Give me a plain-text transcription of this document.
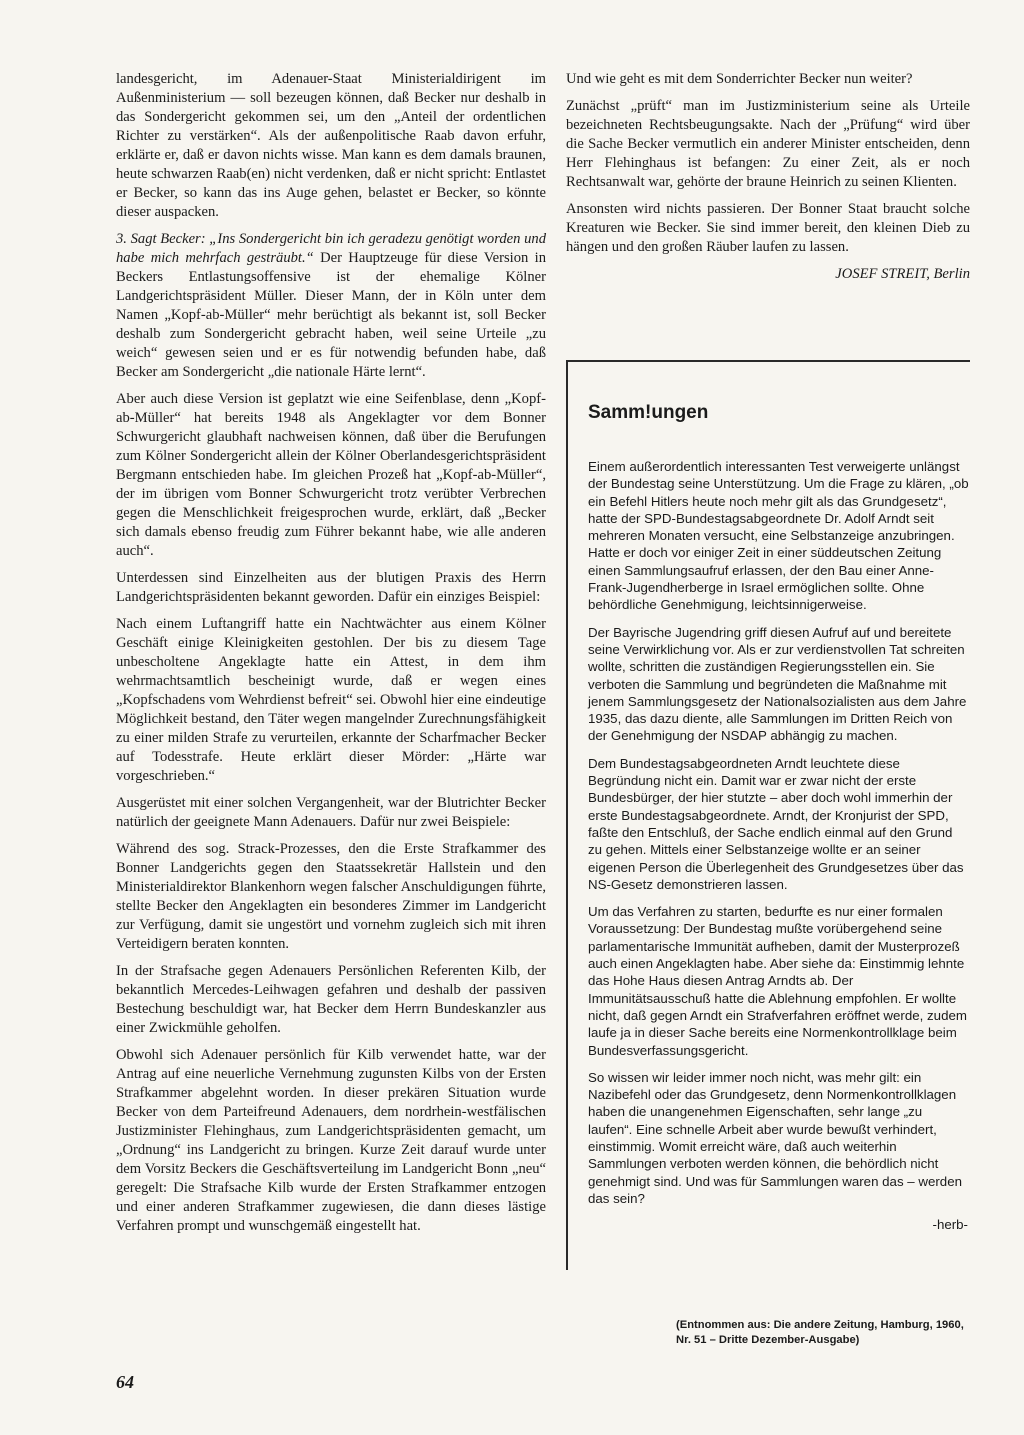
landesgericht, im Adenauer-Staat Ministerialdirigent im Außenministerium — soll bezeugen können, daß Becker nur deshalb in das Sondergericht gekommen sei, um den „Anteil der ordentlichen Richter zu verstärken“. Als der außenpolitische Raab davon erfuhr, erklärte er, daß er davon nichts wisse. Man kann es dem damals braunen, heute schwarzen Raab(en) nicht verdenken, daß er nicht spricht: Entlastet er Becker, so kann das ins Auge gehen, belastet er Becker, so könnte dieser auspacken.

3. Sagt Becker: „Ins Sondergericht bin ich geradezu genötigt worden und habe mich mehrfach gesträubt.“ Der Hauptzeuge für diese Version in Beckers Entlastungsoffensive ist der ehemalige Kölner Landgerichtspräsident Müller. Dieser Mann, der in Köln unter dem Namen „Kopf-ab-Müller“ mehr berüchtigt als bekannt ist, soll Becker deshalb zum Sondergericht gebracht haben, weil seine Urteile „zu weich“ gewesen seien und er es für notwendig befunden habe, daß Becker am Sondergericht „die nationale Härte lernt“.

Aber auch diese Version ist geplatzt wie eine Seifenblase, denn „Kopf-ab-Müller“ hat bereits 1948 als Angeklagter vor dem Bonner Schwurgericht glaubhaft nachweisen können, daß über die Berufungen zum Kölner Sondergericht allein der Kölner Oberlandesgerichtspräsident Bergmann entschieden habe. Im gleichen Prozeß hat „Kopf-ab-Müller“, der im übrigen vom Bonner Schwurgericht trotz verübter Verbrechen gegen die Menschlichkeit freigesprochen wurde, erklärt, daß „Becker sich damals ebenso freudig zum Führer bekannt habe, wie alle anderen auch“.

Unterdessen sind Einzelheiten aus der blutigen Praxis des Herrn Landgerichtspräsidenten bekannt geworden. Dafür ein einziges Beispiel:

Nach einem Luftangriff hatte ein Nachtwächter aus einem Kölner Geschäft einige Kleinigkeiten gestohlen. Der bis zu diesem Tage unbescholtene Angeklagte hatte ein Attest, in dem ihm wehrmachtsamtlich bescheinigt wurde, daß er wegen eines „Kopfschadens vom Wehrdienst befreit“ sei. Obwohl hier eine eindeutige Möglichkeit bestand, den Täter wegen mangelnder Zurechnungsfähigkeit zu einer milden Strafe zu verurteilen, erkannte der Scharfmacher Becker auf Todesstrafe. Heute erklärt dieser Mörder: „Härte war vorgeschrieben.“

Ausgerüstet mit einer solchen Vergangenheit, war der Blutrichter Becker natürlich der geeignete Mann Adenauers. Dafür nur zwei Beispiele:

Während des sog. Strack-Prozesses, den die Erste Strafkammer des Bonner Landgerichts gegen den Staatssekretär Hallstein und den Ministerialdirektor Blankenhorn wegen falscher Anschuldigungen führte, stellte Becker den Angeklagten ein besonderes Zimmer im Landgericht zur Verfügung, damit sie ungestört und vornehm zugleich sich mit ihren Verteidigern beraten konnten.

In der Strafsache gegen Adenauers Persönlichen Referenten Kilb, der bekanntlich Mercedes-Leihwagen gefahren und deshalb der passiven Bestechung beschuldigt war, hat Becker dem Herrn Bundeskanzler aus einer Zwickmühle geholfen.

Obwohl sich Adenauer persönlich für Kilb verwendet hatte, war der Antrag auf eine neuerliche Vernehmung zugunsten Kilbs von der Ersten Strafkammer abgelehnt worden. In dieser prekären Situation wurde Becker von dem Parteifreund Adenauers, dem nordrhein-westfälischen Justizminister Flehinghaus, zum Landgerichtspräsidenten gemacht, um „Ordnung“ ins Landgericht zu bringen. Kurze Zeit darauf wurde unter dem Vorsitz Beckers die Geschäftsverteilung im Landgericht Bonn „neu“ geregelt: Die Strafsache Kilb wurde der Ersten Strafkammer entzogen und einer anderen Strafkammer zugewiesen, die dann dieses lästige Verfahren prompt und wunschgemäß eingestellt hat.

Und wie geht es mit dem Sonderrichter Becker nun weiter?

Zunächst „prüft“ man im Justizministerium seine als Urteile bezeichneten Rechtsbeugungsakte. Nach der „Prüfung“ wird über die Sache Becker vermutlich ein anderer Minister entscheiden, denn Herr Flehinghaus ist befangen: Zu einer Zeit, als er noch Rechtsanwalt war, gehörte der braune Heinrich zu seinen Klienten.

Ansonsten wird nichts passieren. Der Bonner Staat braucht solche Kreaturen wie Becker. Sie sind immer bereit, den kleinen Dieb zu hängen und den großen Räuber laufen zu lassen.

JOSEF STREIT, Berlin

Samm!ungen

Einem außerordentlich interessanten Test verweigerte unlängst der Bundestag seine Unterstützung. Um die Frage zu klären, „ob ein Befehl Hitlers heute noch mehr gilt als das Grundgesetz“, hatte der SPD-Bundestagsabgeordnete Dr. Adolf Arndt seit mehreren Monaten versucht, eine Selbstanzeige anzubringen. Hatte er doch vor einiger Zeit in einer süddeutschen Zeitung einen Sammlungsaufruf erlassen, der den Bau einer Anne-Frank-Jugendherberge in Israel ermöglichen sollte. Ohne behördliche Genehmigung, leichtsinnigerweise.

Der Bayrische Jugendring griff diesen Aufruf auf und bereitete seine Verwirklichung vor. Als er zur verdienstvollen Tat schreiten wollte, schritten die zuständigen Regierungsstellen ein. Sie verboten die Sammlung und begründeten die Maßnahme mit jenem Sammlungsgesetz der Nationalsozialisten aus dem Jahre 1935, das dazu diente, alle Sammlungen im Dritten Reich von der Genehmigung der NSDAP abhängig zu machen.

Dem Bundestagsabgeordneten Arndt leuchtete diese Begründung nicht ein. Damit war er zwar nicht der erste Bundesbürger, der hier stutzte – aber doch wohl immerhin der erste Bundestagsabgeordnete. Arndt, der Kronjurist der SPD, faßte den Entschluß, der Sache endlich einmal auf den Grund zu gehen. Mittels einer Selbstanzeige wollte er an seiner eigenen Person die Überlegenheit des Grundgesetzes über das NS-Gesetz demonstrieren lassen.

Um das Verfahren zu starten, bedurfte es nur einer formalen Voraussetzung: Der Bundestag mußte vorübergehend seine parlamentarische Immunität aufheben, damit der Musterprozeß auch einen Angeklagten habe. Aber siehe da: Einstimmig lehnte das Hohe Haus diesen Antrag Arndts ab. Der Immunitätsausschuß hatte die Ablehnung empfohlen. Er wollte nicht, daß gegen Arndt ein Strafverfahren eröffnet werde, zudem laufe ja in dieser Sache bereits eine Normenkontrollklage beim Bundesverfassungsgericht.

So wissen wir leider immer noch nicht, was mehr gilt: ein Nazibefehl oder das Grundgesetz, denn Normenkontrollklagen haben die unangenehmen Eigenschaften, sehr lange „zu laufen“. Eine schnelle Arbeit aber wurde bewußt verhindert, einstimmig. Womit erreicht wäre, daß auch weiterhin Sammlungen verboten werden können, die behördlich nicht genehmigt sind. Und was für Sammlungen waren das – werden das sein?

-herb-

(Entnommen aus: Die andere Zeitung, Hamburg, 1960, Nr. 51 – Dritte Dezember-Ausgabe)

64
